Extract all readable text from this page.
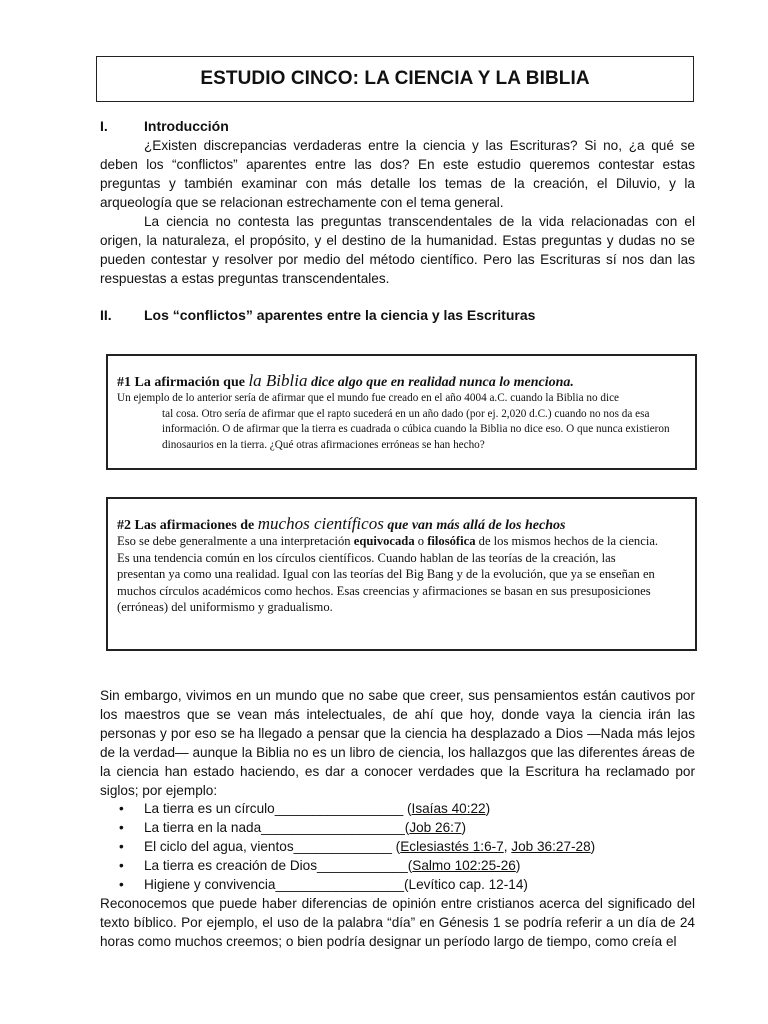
ESTUDIO CINCO: LA CIENCIA Y LA BIBLIA
I.	Introducción

¿Existen discrepancias verdaderas entre la ciencia y las Escrituras? Si no, ¿a qué se deben los “conflictos” aparentes entre las dos? En este estudio queremos contestar estas preguntas y también examinar con más detalle los temas de la creación, el Diluvio, y la arqueología que se relacionan estrechamente con el tema general.

La ciencia no contesta las preguntas transcendentales de la vida relacionadas con el origen, la naturaleza, el propósito, y el destino de la humanidad. Estas preguntas y dudas no se pueden contestar y resolver por medio del método científico. Pero las Escrituras sí nos dan las respuestas a estas preguntas transcendentales.

II. Los “conflictos” aparentes entre la ciencia y las Escrituras
#1 La afirmación que la Biblia dice algo que en realidad nunca lo menciona.
Un ejemplo de lo anterior sería de afirmar que el mundo fue creado en el año 4004 a.C. cuando la Biblia no dice
tal cosa. Otro sería de afirmar que el rapto sucederá en un año dado (por ej. 2,020 d.C.) cuando no nos da esa información. O de afirmar que la tierra es cuadrada o cúbica cuando la Biblia no dice eso. O que nunca existieron dinosaurios en la tierra. ¿Qué otras afirmaciones erróneas se han hecho?
#2 Las afirmaciones de muchos científicos que van más allá de los hechos
Eso se debe generalmente a una interpretación equivocada o filosófica de los mismos hechos de la ciencia. Es una tendencia común en los círculos científicos. Cuando hablan de las teorías de la creación, las presentan ya como una realidad. Igual con las teorías del Big Bang y de la evolución, que ya se enseñan en muchos círculos académicos como hechos. Esas creencias y afirmaciones se basan en sus presuposiciones (erróneas) del uniformismo y gradualismo.

Sin embargo, vivimos en un mundo que no sabe que creer, sus pensamientos están cautivos por los maestros que se vean más intelectuales, de ahí que hoy, donde vaya la ciencia irán las personas y por eso se ha llegado a pensar que la ciencia ha desplazado a Dios —Nada más lejos de la verdad— aunque la Biblia no es un libro de ciencia, los hallazgos que las diferentes áreas de la ciencia han estado haciendo, es dar a conocer verdades que la Escritura ha reclamado por siglos; por ejemplo:

• La tierra es un círculo_________________ (Isaías 40:22)
• La tierra en la nada___________________(Job 26:7)
• El ciclo del agua, vientos_____________ (Eclesiastés 1:6-7, Job 36:27-28)
• La tierra es creación de Dios____________(Salmo 102:25-26)
• Higiene y convivencia_________________(Levítico cap. 12-14)

Reconocemos que puede haber diferencias de opinión entre cristianos acerca del significado del texto bíblico. Por ejemplo, el uso de la palabra “día” en Génesis 1 se podría referir a un día de 24 horas como muchos creemos; o bien podría designar un período largo de tiempo, como creía el
